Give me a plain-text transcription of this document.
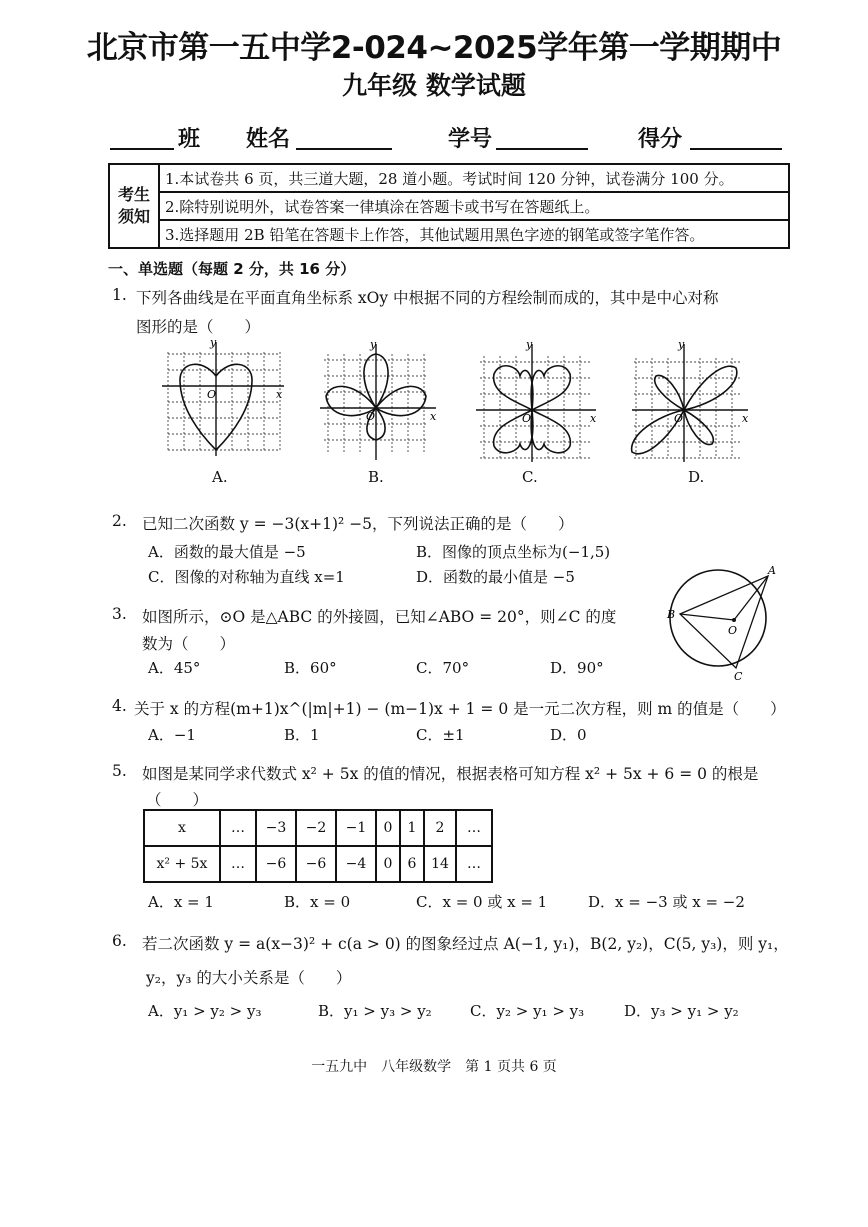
北京市第一五中学2-024~2025学年第一学期期中
九年级 数学试题
班 姓名	学号	得分
考生须知	1.本试卷共 6 页，共三道大题，28 道小题。考试时间 120 分钟，试卷满分 100 分。
2.除特别说明外，试卷答案一律填涂在答题卡或书写在答题纸上。
3.选择题用 2B 铅笔在答题卡上作答，其他试题用黑色字迹的钢笔或签字笔作答。
一、单选题（每题 2 分，共 16 分）
1. 下列各曲线是在平面直角坐标系 xOy 中根据不同的方程绘制而成的，其中是中心对称
图形的是（　　）
y
x
O
A.
y
x
O
B.
y
x
O
C.
y
x
O
D.
2. 已知二次函数 y = −3(x+1)² −5，下列说法正确的是（　　）
A．函数的最大值是 −5	B．图像的顶点坐标为(−1,5)
C．图像的对称轴为直线 x=1	D．函数的最小值是 −5	A
B
O
C
3. 如图所示，⊙O 是△ABC 的外接圆，已知∠ABO = 20°，则∠C 的度
数为（　　）
A．45°	B．60°	C．70°	D．90°
4. 关于 x 的方程(m+1)x^(|m|+1) − (m−1)x + 1 = 0 是一元二次方程，则 m 的值是（　　）
A．−1	B．1	C．±1	D．0
5. 如图是某同学求代数式 x² + 5x 的值的情况，根据表格可知方程 x² + 5x + 6 = 0 的根是
（　　）
x	…	−3	−2	−1	0	1	2	…
x² + 5x	…	−6	−6	−4	0	6	14	…
A．x = 1	B．x = 0	C．x = 0 或 x = 1	D．x = −3 或 x = −2
6. 若二次函数 y = a(x−3)² + c(a > 0) 的图象经过点 A(−1, y₁)，B(2, y₂)，C(5, y₃)，则 y₁，
y₂，y₃ 的大小关系是（　　）
A．y₁ > y₂ > y₃	B．y₁ > y₃ > y₂	C．y₂ > y₁ > y₃	D．y₃ > y₁ > y₂
一五九中　八年级数学　第 1 页共 6 页
